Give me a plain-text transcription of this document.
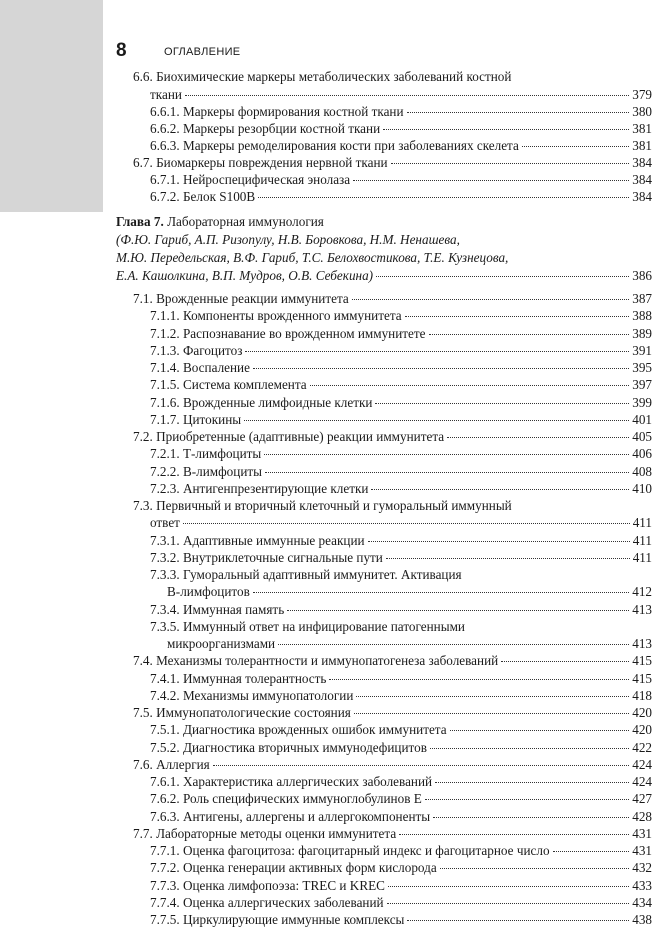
8	ОГЛАВЛЕНИЕ
6.6. Биохимические маркеры метаболических заболеваний костной
ткани	379
6.6.1. Маркеры формирования костной ткани	380
6.6.2. Маркеры резорбции костной ткани	381
6.6.3. Маркеры ремоделирования кости при заболеваниях скелета	381
6.7. Биомаркеры повреждения нервной ткани	384
6.7.1. Нейроспецифическая энолаза	384
6.7.2. Белок S100B	384
Глава 7. Лабораторная иммунология
(Ф.Ю. Гариб, А.П. Ризопулу, Н.В. Боровкова, Н.М. Ненашева,
М.Ю. Передельская, В.Ф. Гариб, Т.С. Белохвостикова, Т.Е. Кузнецова,
Е.А. Кашолкина, В.П. Мудров, О.В. Себекина)	386
7.1. Врожденные реакции иммунитета	387
7.1.1. Компоненты врожденного иммунитета	388
7.1.2. Распознавание во врожденном иммунитете	389
7.1.3. Фагоцитоз	391
7.1.4. Воспаление	395
7.1.5. Система комплемента	397
7.1.6. Врожденные лимфоидные клетки	399
7.1.7. Цитокины	401
7.2. Приобретенные (адаптивные) реакции иммунитета	405
7.2.1. Т-лимфоциты	406
7.2.2. В-лимфоциты	408
7.2.3. Антигенпрезентирующие клетки	410
7.3. Первичный и вторичный клеточный и гуморальный иммунный
ответ	411
7.3.1. Адаптивные иммунные реакции	411
7.3.2. Внутриклеточные сигнальные пути	411
7.3.3. Гуморальный адаптивный иммунитет. Активация
В-лимфоцитов	412
7.3.4. Иммунная память	413
7.3.5. Иммунный ответ на инфицирование патогенными
микроорганизмами	413
7.4. Механизмы толерантности и иммунопатогенеза заболеваний	415
7.4.1. Иммунная толерантность	415
7.4.2. Механизмы иммунопатологии	418
7.5. Иммунопатологические состояния	420
7.5.1. Диагностика врожденных ошибок иммунитета	420
7.5.2. Диагностика вторичных иммунодефицитов	422
7.6. Аллергия	424
7.6.1. Характеристика аллергических заболеваний	424
7.6.2. Роль специфических иммуноглобулинов Е	427
7.6.3. Антигены, аллергены и аллергокомпоненты	428
7.7. Лабораторные методы оценки иммунитета	431
7.7.1. Оценка фагоцитоза: фагоцитарный индекс и фагоцитарное число	431
7.7.2. Оценка генерации активных форм кислорода	432
7.7.3. Оценка лимфопоэза: TREC и KREC	433
7.7.4. Оценка аллергических заболеваний	434
7.7.5. Циркулирующие иммунные комплексы	438
